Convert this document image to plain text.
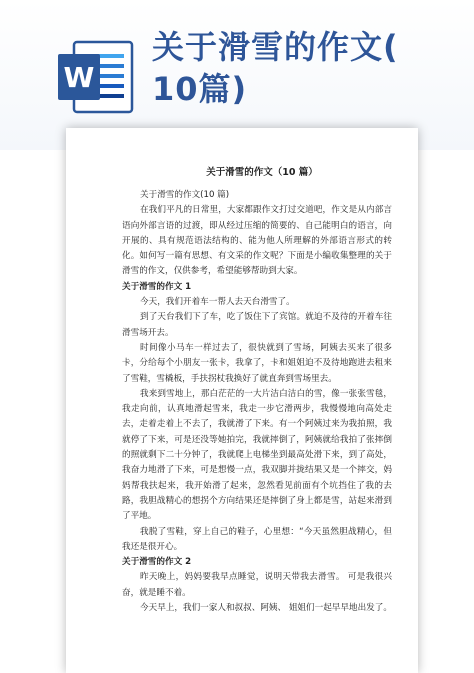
W
关于滑雪的作文(
10篇)
关于滑雪的作文（10 篇）

关于滑雪的作文(10 篇)

在我们平凡的日常里，大家都跟作文打过交道吧，作文是从内部言语向外部言语的过渡，即从经过压缩的简要的、自己能明白的语言，向开展的、具有规范语法结构的、能为他人所理解的外部语言形式的转化。如何写一篇有思想、有文采的作文呢？下面是小编收集整理的关于滑雪的作文，仅供参考，希望能够帮助到大家。

关于滑雪的作文 1

今天，我们开着车一帮人去天台滑雪了。

到了天台我们下了车，吃了饭住下了宾馆。就迫不及待的开着车往滑雪场开去。

时间像小马车一样过去了，很快就到了雪场，阿姨去买来了很多卡，分给每个小朋友一张卡，我拿了，卡和姐姐迫不及待地跑进去租来了雪鞋，雪橇板，手扶拐杖我换好了就直奔到雪场里去。

我来到雪地上，那白茫茫的一大片洁白洁白的雪，像一张张雪毯，我走向前，认真地滑起雪来，我走一步它滑两步，我慢慢地向高处走去，走着走着上不去了，我就滑了下来。有一个阿姨过来为我拍照，我就停了下来，可是还没等她拍完，我就摔倒了，阿姨就给我拍了张摔倒的照就剩下二十分钟了，我就爬上电梯坐到最高处滑下来，到了高处，我奋力地滑了下来，可是想慢一点，我双脚并拢结果又是一个摔交，妈妈帮我扶起来，我开始滑了起来，忽然看见前面有个坑挡住了我的去路，我胆战精心的想拐个方向结果还是摔倒了身上都是雪，站起来滑到了平地。

我脱了雪鞋，穿上自己的鞋子，心里想：“今天虽然胆战精心，但我还是很开心。

关于滑雪的作文 2

昨天晚上，妈妈要我早点睡觉，说明天带我去滑雪。 可是我很兴奋，就是睡不着。

今天早上，我们一家人和叔叔、阿姨、 姐姐们一起早早地出发了。
